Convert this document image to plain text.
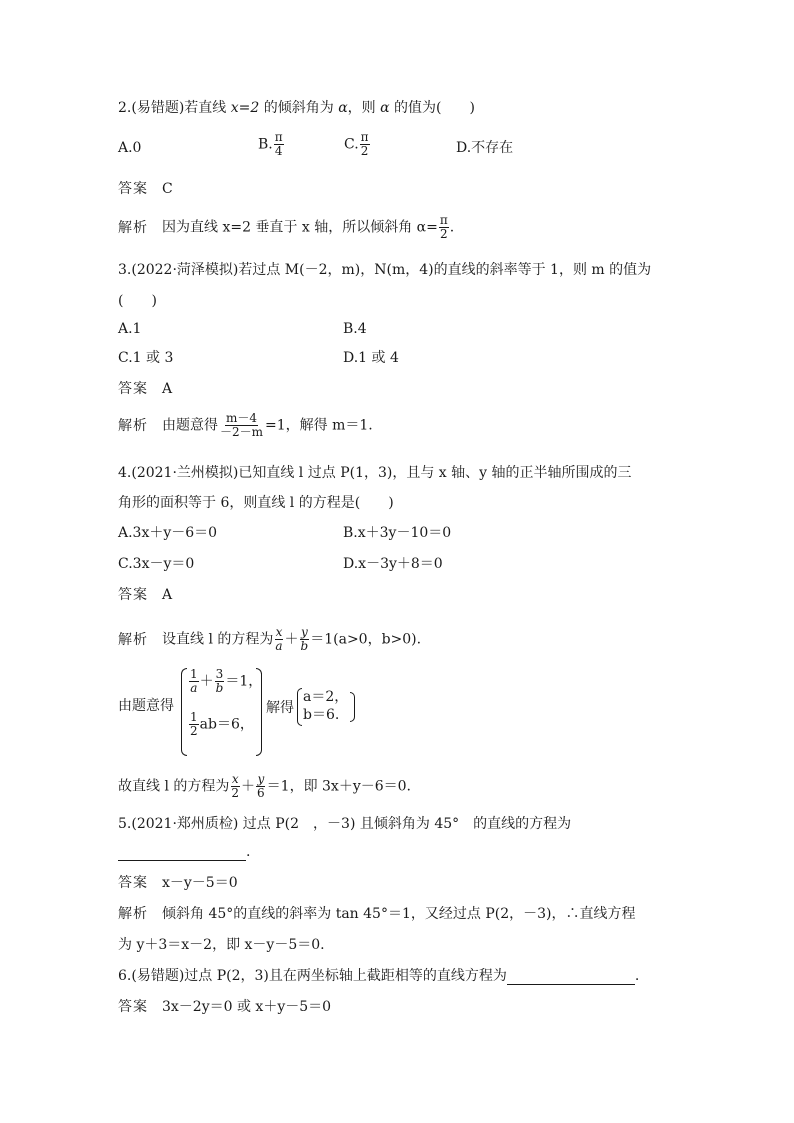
2.(易错题)若直线 x=2 的倾斜角为 α，则 α 的值为(　　)
A.0	B. $\frac{\pi}{4}$	C. $\frac{\pi}{2}$	D.不存在
答案 C
解析 因为直线 x=2 垂直于 x 轴，所以倾斜角 $\alpha= \frac{\pi}{2}$ .
3.(2022·菏泽模拟)若过点 M(－2，m)，N(m，4)的直线的斜率等于 1，则 m 的值为
(　　)
A.1	B.4
C.1 或 3	D.1 或 4
答案 A
解析 由题意得 $\frac{m-4}{-2-m} =1$，解得 m＝1.
4.(2021·兰州模拟)已知直线 l 过点 P(1，3)，且与 x 轴、y 轴的正半轴所围成的三
角形的面积等于 6，则直线 l 的方程是(　　)
A.3x＋y－6＝0	B.x＋3y－10＝0
C.3x－y＝0	D.x－3y＋8＝0
答案 A
解析 设直线 l 的方程为 $\frac{x}{a} + \frac{y}{b} =1(a>0$，b>0).
由题意得
$\frac{1}{a} + \frac{3}{b} =1$，
$\frac{1}{2} ab=6$，
解得
a＝2，
b＝6.
故直线 l 的方程为 $\frac{x}{2} + \frac{y}{6} =1$，即 3x＋y－6＝0.
5.(2021·郑州质检) 过点 P(2　，－3) 且倾斜角为 45°　的直线的方程为
.
答案 x－y－5＝0
解析 倾斜角 45°的直线的斜率为 tan 45°＝1，又经过点 P(2，－3)，∴直线方程
为 y＋3＝x－2，即 x－y－5＝0.
6.(易错题)过点 P(2，3)且在两坐标轴上截距相等的直线方程为	.
答案 3x－2y＝0 或 x＋y－5＝0
